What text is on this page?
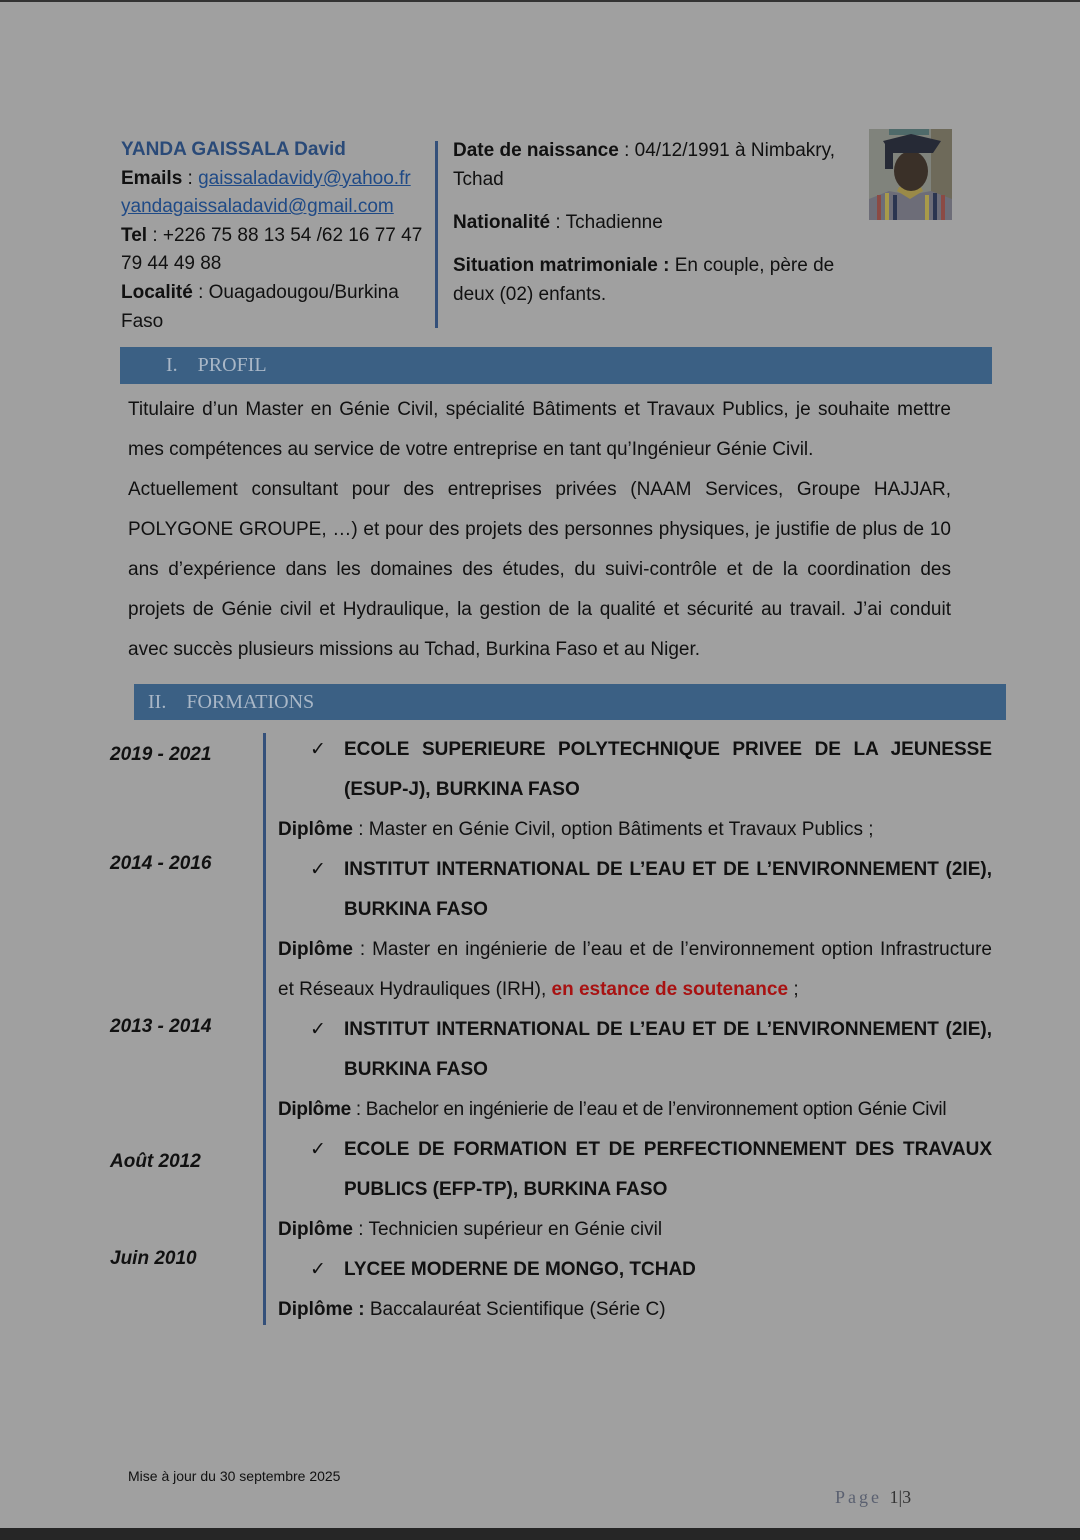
YANDA GAISSALA David
Emails : gaissaladavidy@yahoo.fr
yandagaissaladavid@gmail.com
Tel : +226 75 88 13 54 /62 16 77 47 79 44 49 88
Localité : Ouagadougou/Burkina Faso

Date de naissance : 04/12/1991 à Nimbakry, Tchad

Nationalité : Tchadienne

Situation matrimoniale : En couple, père de deux (02) enfants.

I. PROFIL

Titulaire d’un Master en Génie Civil, spécialité Bâtiments et Travaux Publics, je souhaite mettre mes compétences au service de votre entreprise en tant qu’Ingénieur Génie Civil.

Actuellement consultant pour des entreprises privées (NAAM Services, Groupe HAJJAR, POLYGONE GROUPE, …) et pour des projets des personnes physiques, je justifie de plus de 10 ans d’expérience dans les domaines des études, du suivi-contrôle et de la coordination des projets de Génie civil et Hydraulique, la gestion de la qualité et sécurité au travail. J’ai conduit avec succès plusieurs missions au Tchad, Burkina Faso et au Niger.

II. FORMATIONS
2019 - 2021
2014 - 2016
2013 - 2014
Août 2012
Juin 2010
✓ ECOLE SUPERIEURE POLYTECHNIQUE PRIVEE DE LA JEUNESSE (ESUP-J), BURKINA FASO
Diplôme : Master en Génie Civil, option Bâtiments et Travaux Publics ;
✓ INSTITUT INTERNATIONAL DE L’EAU ET DE L’ENVIRONNEMENT (2IE), BURKINA FASO
Diplôme : Master en ingénierie de l’eau et de l’environnement option Infrastructure et Réseaux Hydrauliques (IRH), en estance de soutenance ;
✓ INSTITUT INTERNATIONAL DE L’EAU ET DE L’ENVIRONNEMENT (2IE), BURKINA FASO
Diplôme : Bachelor en ingénierie de l’eau et de l’environnement option Génie Civil
✓ ECOLE DE FORMATION ET DE PERFECTIONNEMENT DES TRAVAUX PUBLICS (EFP-TP), BURKINA FASO
Diplôme : Technicien supérieur en Génie civil
✓ LYCEE MODERNE DE MONGO, TCHAD
Diplôme : Baccalauréat Scientifique (Série C)
Mise à jour du 30 septembre 2025
Page 1|3
